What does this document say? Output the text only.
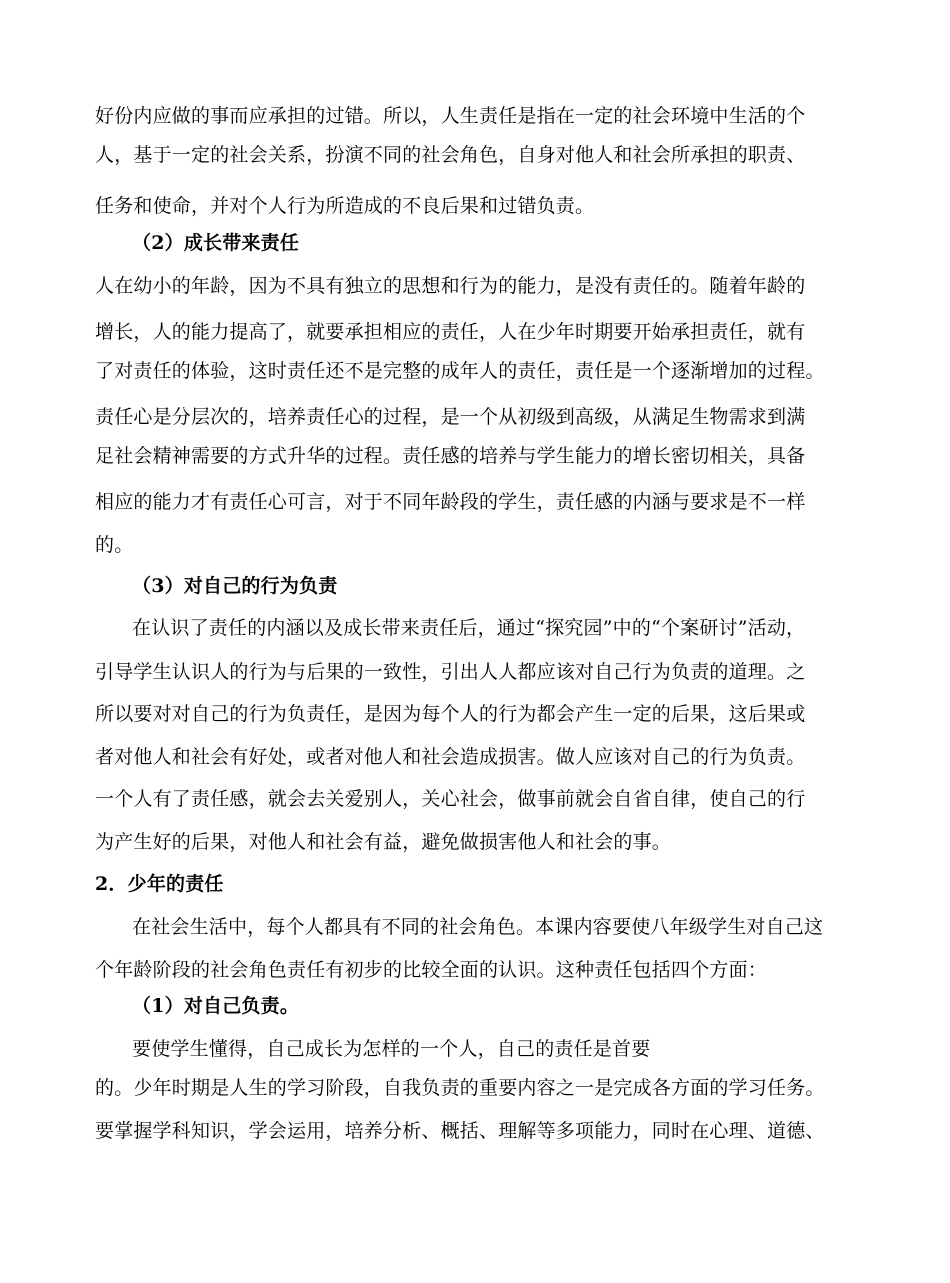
好份内应做的事而应承担的过错。所以，人生责任是指在一定的社会环境中生活的个
人，基于一定的社会关系，扮演不同的社会角色，自身对他人和社会所承担的职责、
任务和使命，并对个人行为所造成的不良后果和过错负责。
（2）成长带来责任
人在幼小的年龄，因为不具有独立的思想和行为的能力，是没有责任的。随着年龄的
增长，人的能力提高了，就要承担相应的责任，人在少年时期要开始承担责任，就有
了对责任的体验，这时责任还不是完整的成年人的责任，责任是一个逐渐增加的过程。
责任心是分层次的，培养责任心的过程，是一个从初级到高级，从满足生物需求到满
足社会精神需要的方式升华的过程。责任感的培养与学生能力的增长密切相关，具备
相应的能力才有责任心可言，对于不同年龄段的学生，责任感的内涵与要求是不一样
的。
（3）对自己的行为负责
在认识了责任的内涵以及成长带来责任后，通过“探究园”中的“个案研讨”活动，
引导学生认识人的行为与后果的一致性，引出人人都应该对自己行为负责的道理。之
所以要对对自己的行为负责任，是因为每个人的行为都会产生一定的后果，这后果或
者对他人和社会有好处，或者对他人和社会造成损害。做人应该对自己的行为负责。
一个人有了责任感，就会去关爱别人，关心社会，做事前就会自省自律，使自己的行
为产生好的后果，对他人和社会有益，避免做损害他人和社会的事。
2．少年的责任
在社会生活中，每个人都具有不同的社会角色。本课内容要使八年级学生对自己这
个年龄阶段的社会角色责任有初步的比较全面的认识。这种责任包括四个方面：
（1）对自己负责。
要使学生懂得，自己成长为怎样的一个人，自己的责任是首要
的。少年时期是人生的学习阶段，自我负责的重要内容之一是完成各方面的学习任务。
要掌握学科知识，学会运用，培养分析、概括、理解等多项能力，同时在心理、道德、
